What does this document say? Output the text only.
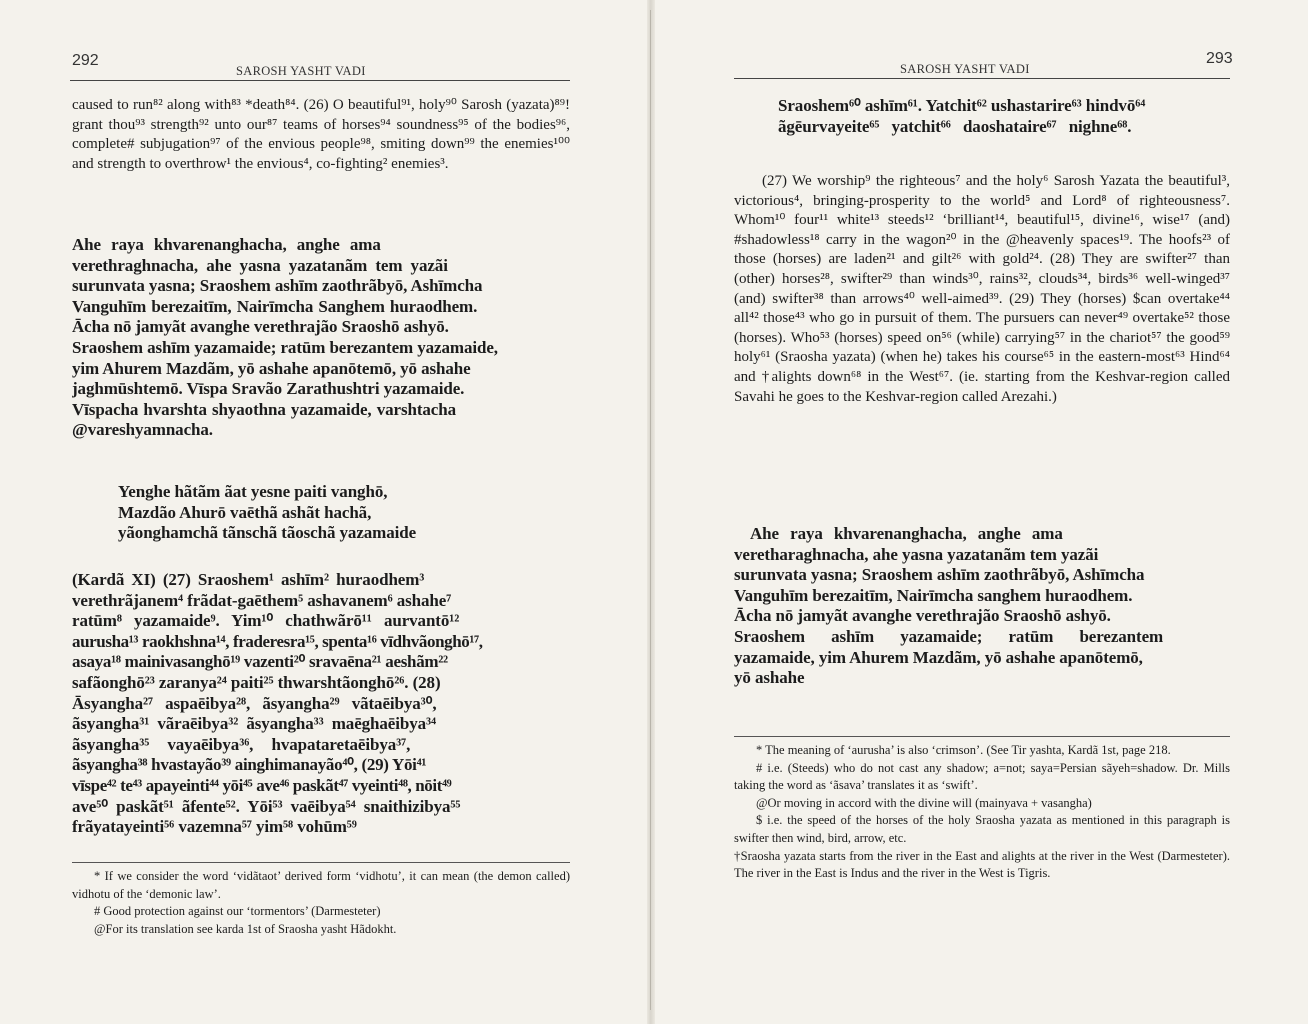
292
SAROSH YASHT VADI

caused to run⁸² along with⁸³ *death⁸⁴. (26) O beautiful⁹¹, holy⁹⁰ Sarosh (yazata)⁸⁹! grant thou⁹³ strength⁹² unto our⁸⁷ teams of horses⁹⁴ soundness⁹⁵ of the bodies⁹⁶, complete# subjugation⁹⁷ of the envious people⁹⁸, smiting down⁹⁹ the enemies¹⁰⁰ and strength to overthrow¹ the envious⁴, co-fighting² enemies³.

Ahe raya khvarenanghacha, anghe ama

verethraghnacha, ahe yasna yazatanãm tem yazãi

surunvata yasna; Sraoshem ashīm zaothrãbyō, Ashīmcha

Vanguhīm berezaitīm, Nairīmcha Sanghem huraodhem.

Ācha nō jamyãt avanghe verethrajão Sraoshō ashyō.

Sraoshem ashīm yazamaide; ratūm berezantem yazamaide,

yim Ahurem Mazdãm, yō ashahe apanōtemō, yō ashahe

jaghmūshtemō. Vīspa Sravão Zarathushtri yazamaide.

Vīspacha hvarshta shyaothna yazamaide, varshtacha

@vareshyamnacha.

Yenghe hãtãm ãat yesne paiti vanghō,

Mazdão Ahurō vaēthã ashãt hachã,

yãonghamchã tãnschã tãoschã yazamaide

(Kardã XI) (27) Sraoshem¹ ashīm² huraodhem³

verethrãjanem⁴ frãdat-gaēthem⁵ ashavanem⁶ ashahe⁷

ratūm⁸ yazamaide⁹. Yim¹⁰ chathwãrō¹¹ aurvantō¹²

aurusha¹³ raokhshna¹⁴, fraderesra¹⁵, spenta¹⁶ vīdhvãonghō¹⁷,

asaya¹⁸ mainivasanghō¹⁹ vazenti²⁰ sravaēna²¹ aeshãm²²

safãonghō²³ zaranya²⁴ paiti²⁵ thwarshtãonghō²⁶. (28)

Āsyangha²⁷ aspaēibya²⁸, ãsyangha²⁹ vãtaēibya³⁰,

ãsyangha³¹ vãraēibya³² ãsyangha³³ maēghaēibya³⁴

ãsyangha³⁵ vayaēibya³⁶, hvapataretaēibya³⁷,

ãsyangha³⁸ hvastayão³⁹ ainghimanayão⁴⁰, (29) Yōi⁴¹

vīspe⁴² te⁴³ apayeinti⁴⁴ yōi⁴⁵ ave⁴⁶ paskãt⁴⁷ vyeinti⁴⁸, nōit⁴⁹

ave⁵⁰ paskãt⁵¹ ãfente⁵². Yōi⁵³ vaēibya⁵⁴ snaithizibya⁵⁵

frãyatayeinti⁵⁶ vazemna⁵⁷ yim⁵⁸ vohūm⁵⁹

* If we consider the word ‘vidãtaot’ derived form ‘vidhotu’, it can mean (the demon called) vidhotu of the ‘demonic law’.

# Good protection against our ‘tormentors’ (Darmesteter)

@For its translation see karda 1st of Sraosha yasht Hãdokht.

293
SAROSH YASHT VADI

Sraoshem⁶⁰ ashīm⁶¹. Yatchit⁶² ushastarire⁶³ hindvō⁶⁴

ãgēurvayeite⁶⁵ yatchit⁶⁶ daoshataire⁶⁷ nighne⁶⁸.

(27) We worship⁹ the righteous⁷ and the holy⁶ Sarosh Yazata the beautiful³, victorious⁴, bringing-prosperity to the world⁵ and Lord⁸ of righteousness⁷. Whom¹⁰ four¹¹ white¹³ steeds¹² ‘brilliant¹⁴, beautiful¹⁵, divine¹⁶, wise¹⁷ (and) #shadowless¹⁸ carry in the wagon²⁰ in the @heavenly spaces¹⁹. The hoofs²³ of those (horses) are laden²¹ and gilt²⁶ with gold²⁴. (28) They are swifter²⁷ than (other) horses²⁸, swifter²⁹ than winds³⁰, rains³², clouds³⁴, birds³⁶ well-winged³⁷ (and) swifter³⁸ than arrows⁴⁰ well-aimed³⁹. (29) They (horses) $can overtake⁴⁴ all⁴² those⁴³ who go in pursuit of them. The pursuers can never⁴⁹ overtake⁵² those (horses). Who⁵³ (horses) speed on⁵⁶ (while) carrying⁵⁷ in the chariot⁵⁷ the good⁵⁹ holy⁶¹ (Sraosha yazata) (when he) takes his course⁶⁵ in the eastern-most⁶³ Hind⁶⁴ and †alights down⁶⁸ in the West⁶⁷. (ie. starting from the Keshvar-region called Savahi he goes to the Keshvar-region called Arezahi.)

Ahe raya khvarenanghacha, anghe ama

veretharaghnacha, ahe yasna yazatanãm tem yazãi

surunvata yasna; Sraoshem ashīm zaothrãbyō, Ashīmcha

Vanguhīm berezaitīm, Nairīmcha sanghem huraodhem.

Ācha nō jamyãt avanghe verethrajão Sraoshō ashyō.

Sraoshem ashīm yazamaide; ratūm berezantem

yazamaide, yim Ahurem Mazdãm, yō ashahe apanōtemō,

yō ashahe

* The meaning of ‘aurusha’ is also ‘crimson’. (See Tir yashta, Kardã 1st, page 218.

# i.e. (Steeds) who do not cast any shadow; a=not; saya=Persian sãyeh=shadow. Dr. Mills taking the word as ‘ãsava’ translates it as ‘swift’.

@Or moving in accord with the divine will (mainyava + vasangha)

$ i.e. the speed of the horses of the holy Sraosha yazata as mentioned in this paragraph is swifter then wind, bird, arrow, etc.

†Sraosha yazata starts from the river in the East and alights at the river in the West (Darmesteter). The river in the East is Indus and the river in the West is Tigris.
